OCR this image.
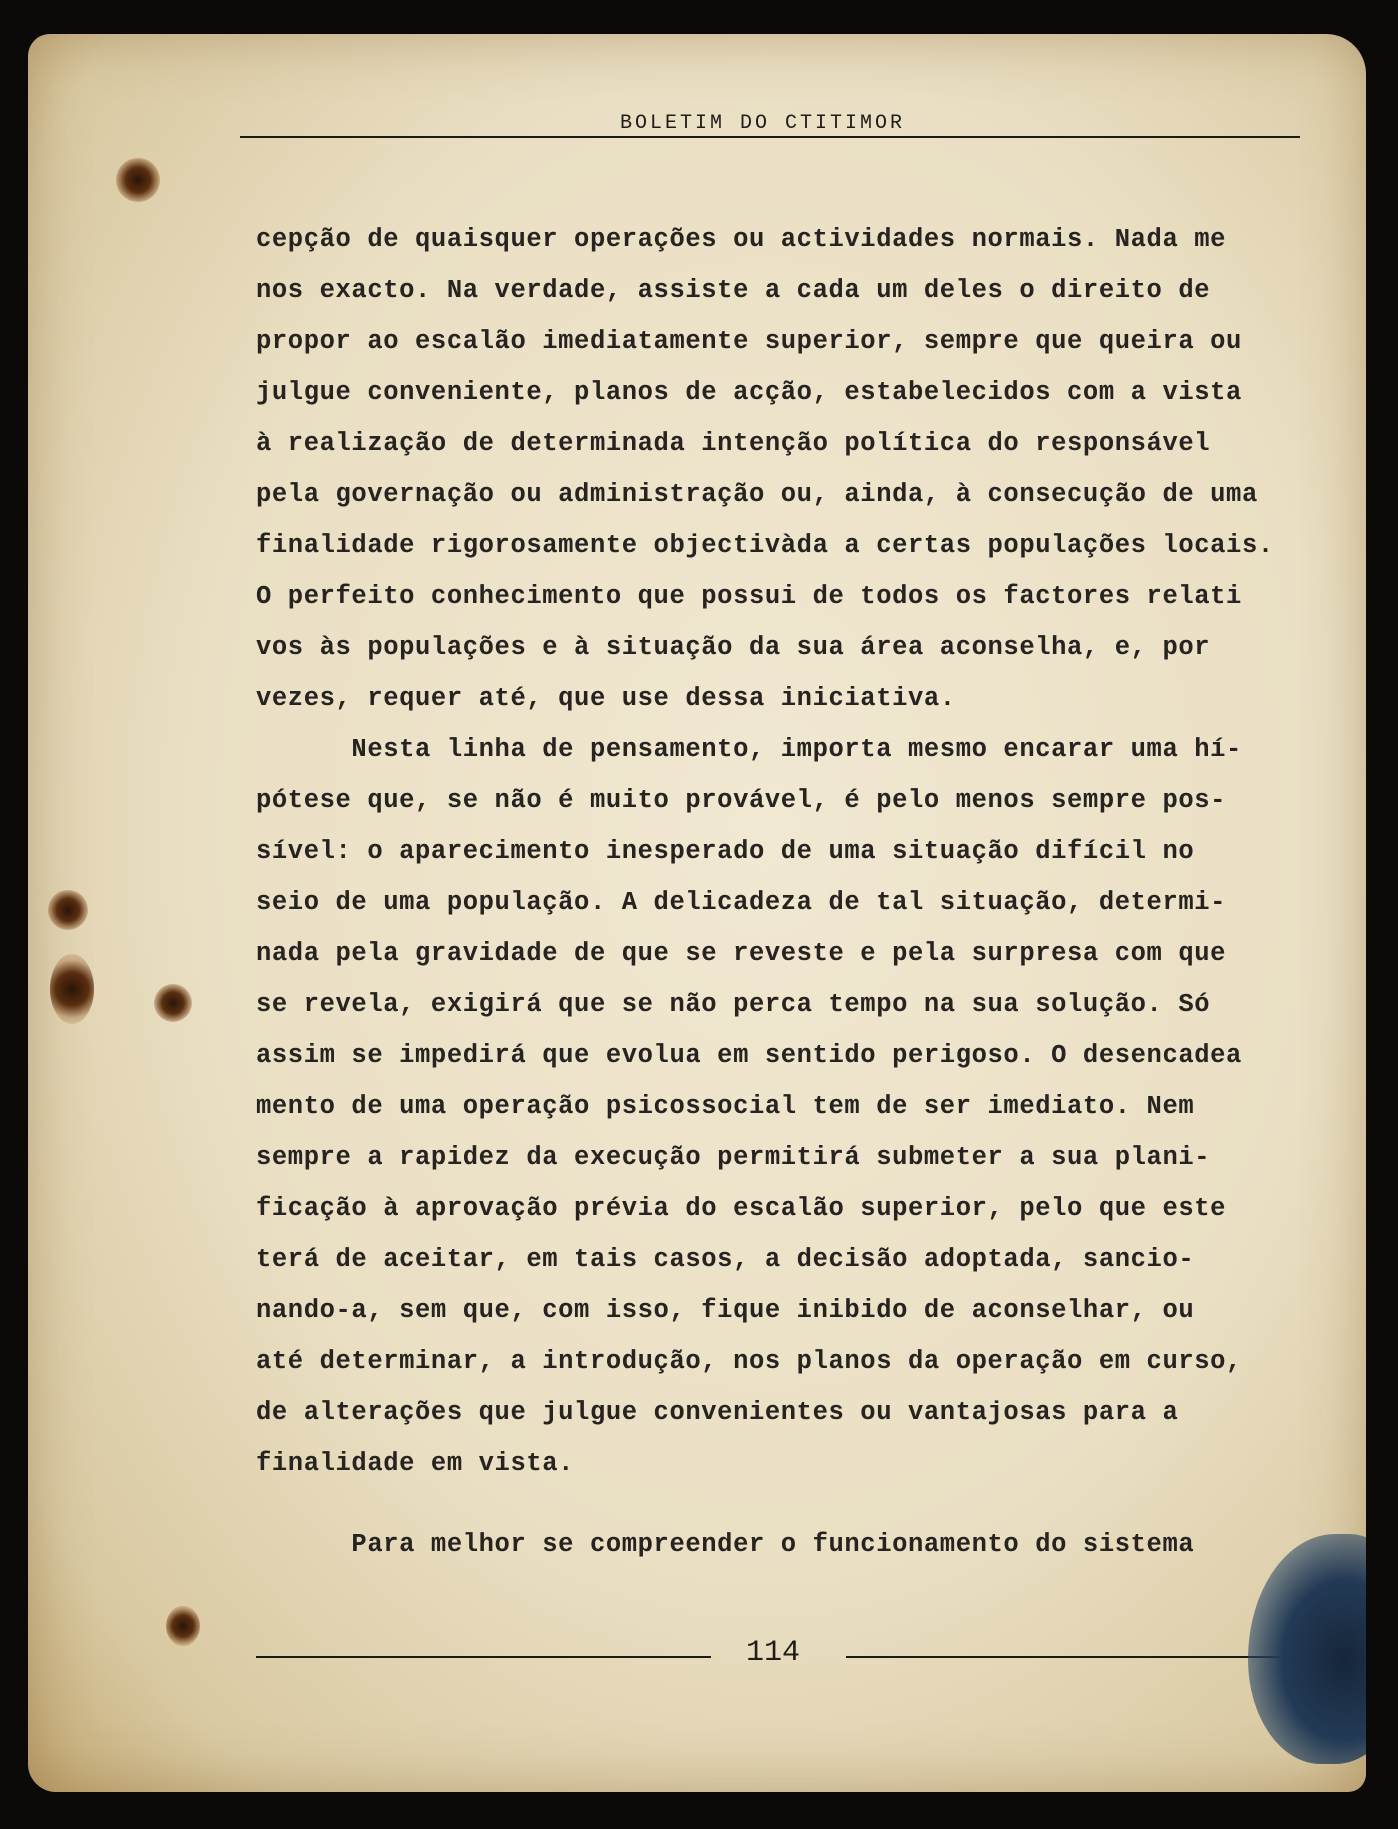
BOLETIM DO CTITIMOR
cepção de quaisquer operações ou actividades normais. Nada me
nos exacto. Na verdade, assiste a cada um deles o direito de
propor ao escalão imediatamente superior, sempre que queira ou
julgue conveniente, planos de acção, estabelecidos com a vista
à realização de determinada intenção política do responsável
pela governação ou administração ou, ainda, à consecução de uma
finalidade rigorosamente objectivàda a certas populações locais.
O perfeito conhecimento que possui de todos os factores relati
vos às populações e à situação da sua área aconselha, e, por
vezes, requer até, que use dessa iniciativa.
Nesta linha de pensamento, importa mesmo encarar uma hí-
pótese que, se não é muito provável, é pelo menos sempre pos-
sível: o aparecimento inesperado de uma situação difícil no
seio de uma população. A delicadeza de tal situação, determi-
nada pela gravidade de que se reveste e pela surpresa com que
se revela, exigirá que se não perca tempo na sua solução. Só
assim se impedirá que evolua em sentido perigoso. O desencadea
mento de uma operação psicossocial tem de ser imediato. Nem
sempre a rapidez da execução permitirá submeter a sua plani-
ficação à aprovação prévia do escalão superior, pelo que este
terá de aceitar, em tais casos, a decisão adoptada, sancio-
nando-a, sem que, com isso, fique inibido de aconselhar, ou
até determinar, a introdução, nos planos da operação em curso,
de alterações que julgue convenientes ou vantajosas para a
finalidade em vista.
Para melhor se compreender o funcionamento do sistema
114
